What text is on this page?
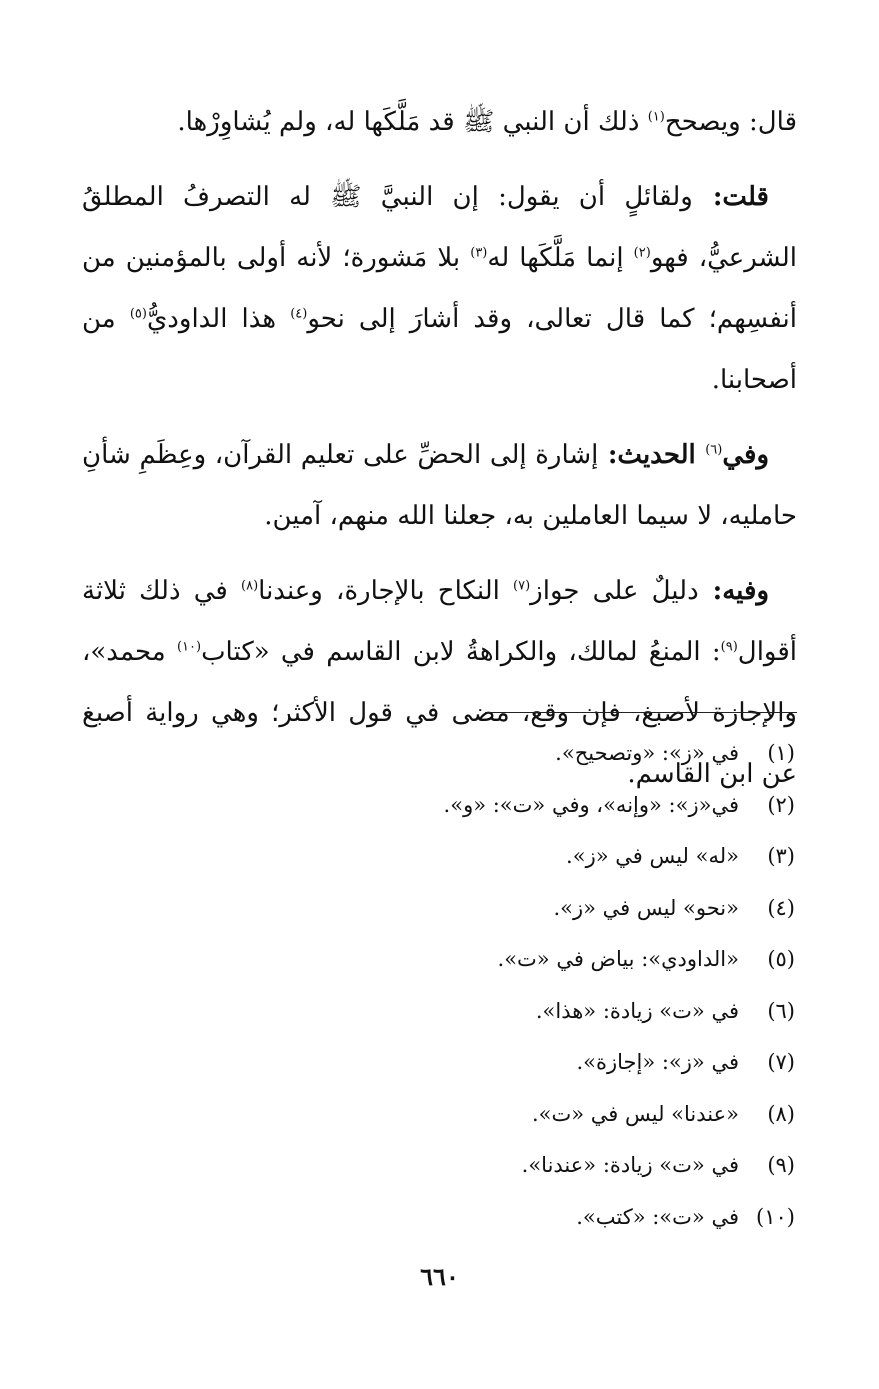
قال: ويصحح$^{(١)}$ ذلك أن النبي ﷺ قد مَلَّكَها له، ولم يُشاوِرْها.

قلت: ولقائلٍ أن يقول: إن النبيَّ ﷺ له التصرفُ المطلقُ الشرعيُّ، فهو$^{(٢)}$ إنما مَلَّكَها له$^{(٣)}$ بلا مَشورة؛ لأنه أولى بالمؤمنين من أنفسِهم؛ كما قال تعالى، وقد أشارَ إلى نحو$^{(٤)}$ هذا الداوديُّ$^{(٥)}$ من أصحابنا.

وفي$^{(٦)}$ الحديث: إشارة إلى الحضِّ على تعليم القرآن، وعِظَمِ شأنِ حامليه، لا سيما العاملين به، جعلنا الله منهم، آمين.

وفيه: دليلٌ على جواز$^{(٧)}$ النكاح بالإجارة، وعندنا$^{(٨)}$ في ذلك ثلاثة أقوال$^{(٩)}$: المنعُ لمالك، والكراهةُ لابن القاسم في «كتاب$^{(١٠)}$ محمد»، والإجازة لأصبغ، فإن وقع، مضى في قول الأكثر؛ وهي رواية أصبغ عن ابن القاسم.

(١)في «ز»: «وتصحيح».
(٢)في«ز»: «وإنه»، وفي «ت»: «و».
(٣)«له» ليس في «ز».
(٤)«نحو» ليس في «ز».
(٥)«الداودي»: بياض في «ت».
(٦)في «ت» زيادة: «هذا».
(٧)في «ز»: «إجازة».
(٨)«عندنا» ليس في «ت».
(٩)في «ت» زيادة: «عندنا».
(١٠)في «ت»: «كتب».
٦٦٠
